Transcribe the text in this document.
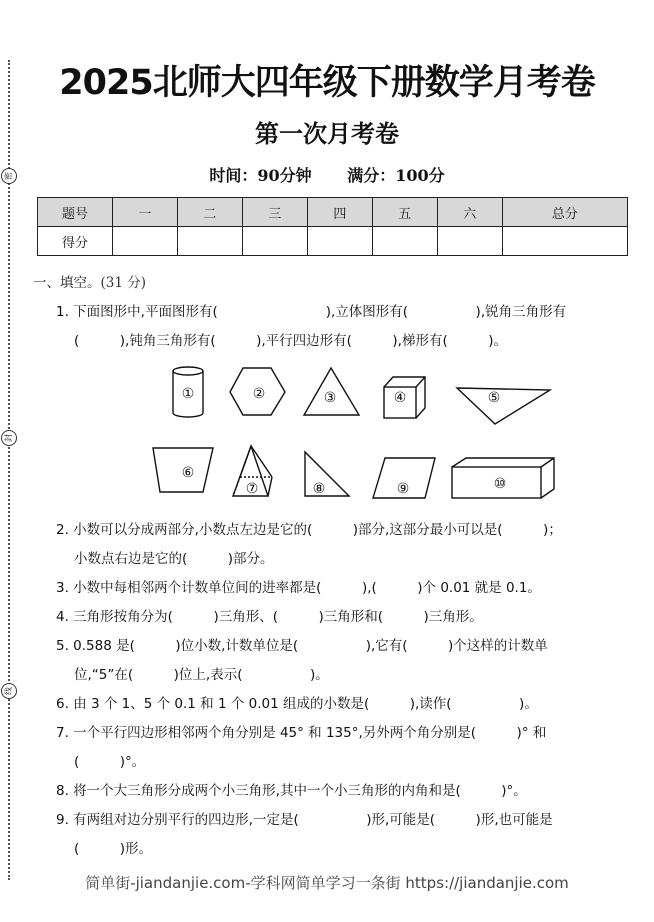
密
封
线
2025北师大四年级下册数学月考卷
第一次月考卷
时间：90分钟 满分：100分
题号	一	二	三	四	五	六	总分
得分							
一、填空。(31 分)
1. 下面图形中,平面图形有(　　　　　　　　),立体图形有(　　　　　),锐角三角形有
(　　　),钝角三角形有(　　　),平行四边形有(　　　),梯形有(　　　)。
①	②	③	④	⑤
⑥
⑦	⑧	⑨	⑩
2. 小数可以分成两部分,小数点左边是它的(　　　)部分,这部分最小可以是(　　　)；
小数点右边是它的(　　　)部分。
3. 小数中每相邻两个计数单位间的进率都是(　　　),(　　　)个 0.01 就是 0.1。
4. 三角形按角分为(　　　)三角形、(　　　)三角形和(　　　)三角形。
5. 0.588 是(　　　)位小数,计数单位是(　　　　　),它有(　　　)个这样的计数单
位,“5”在(　　　)位上,表示(　　　　　)。
6. 由 3 个 1、5 个 0.1 和 1 个 0.01 组成的小数是(　　　),读作(　　　　　)。
7. 一个平行四边形相邻两个角分别是 45° 和 135°,另外两个角分别是(　　　)° 和
(　　　)°。
8. 将一个大三角形分成两个小三角形,其中一个小三角形的内角和是(　　　)°。
9. 有两组对边分别平行的四边形,一定是(　　　　　)形,可能是(　　　)形,也可能是
(　　　)形。
简单街-jiandanjie.com-学科网简单学习一条街 https://jiandanjie.com
